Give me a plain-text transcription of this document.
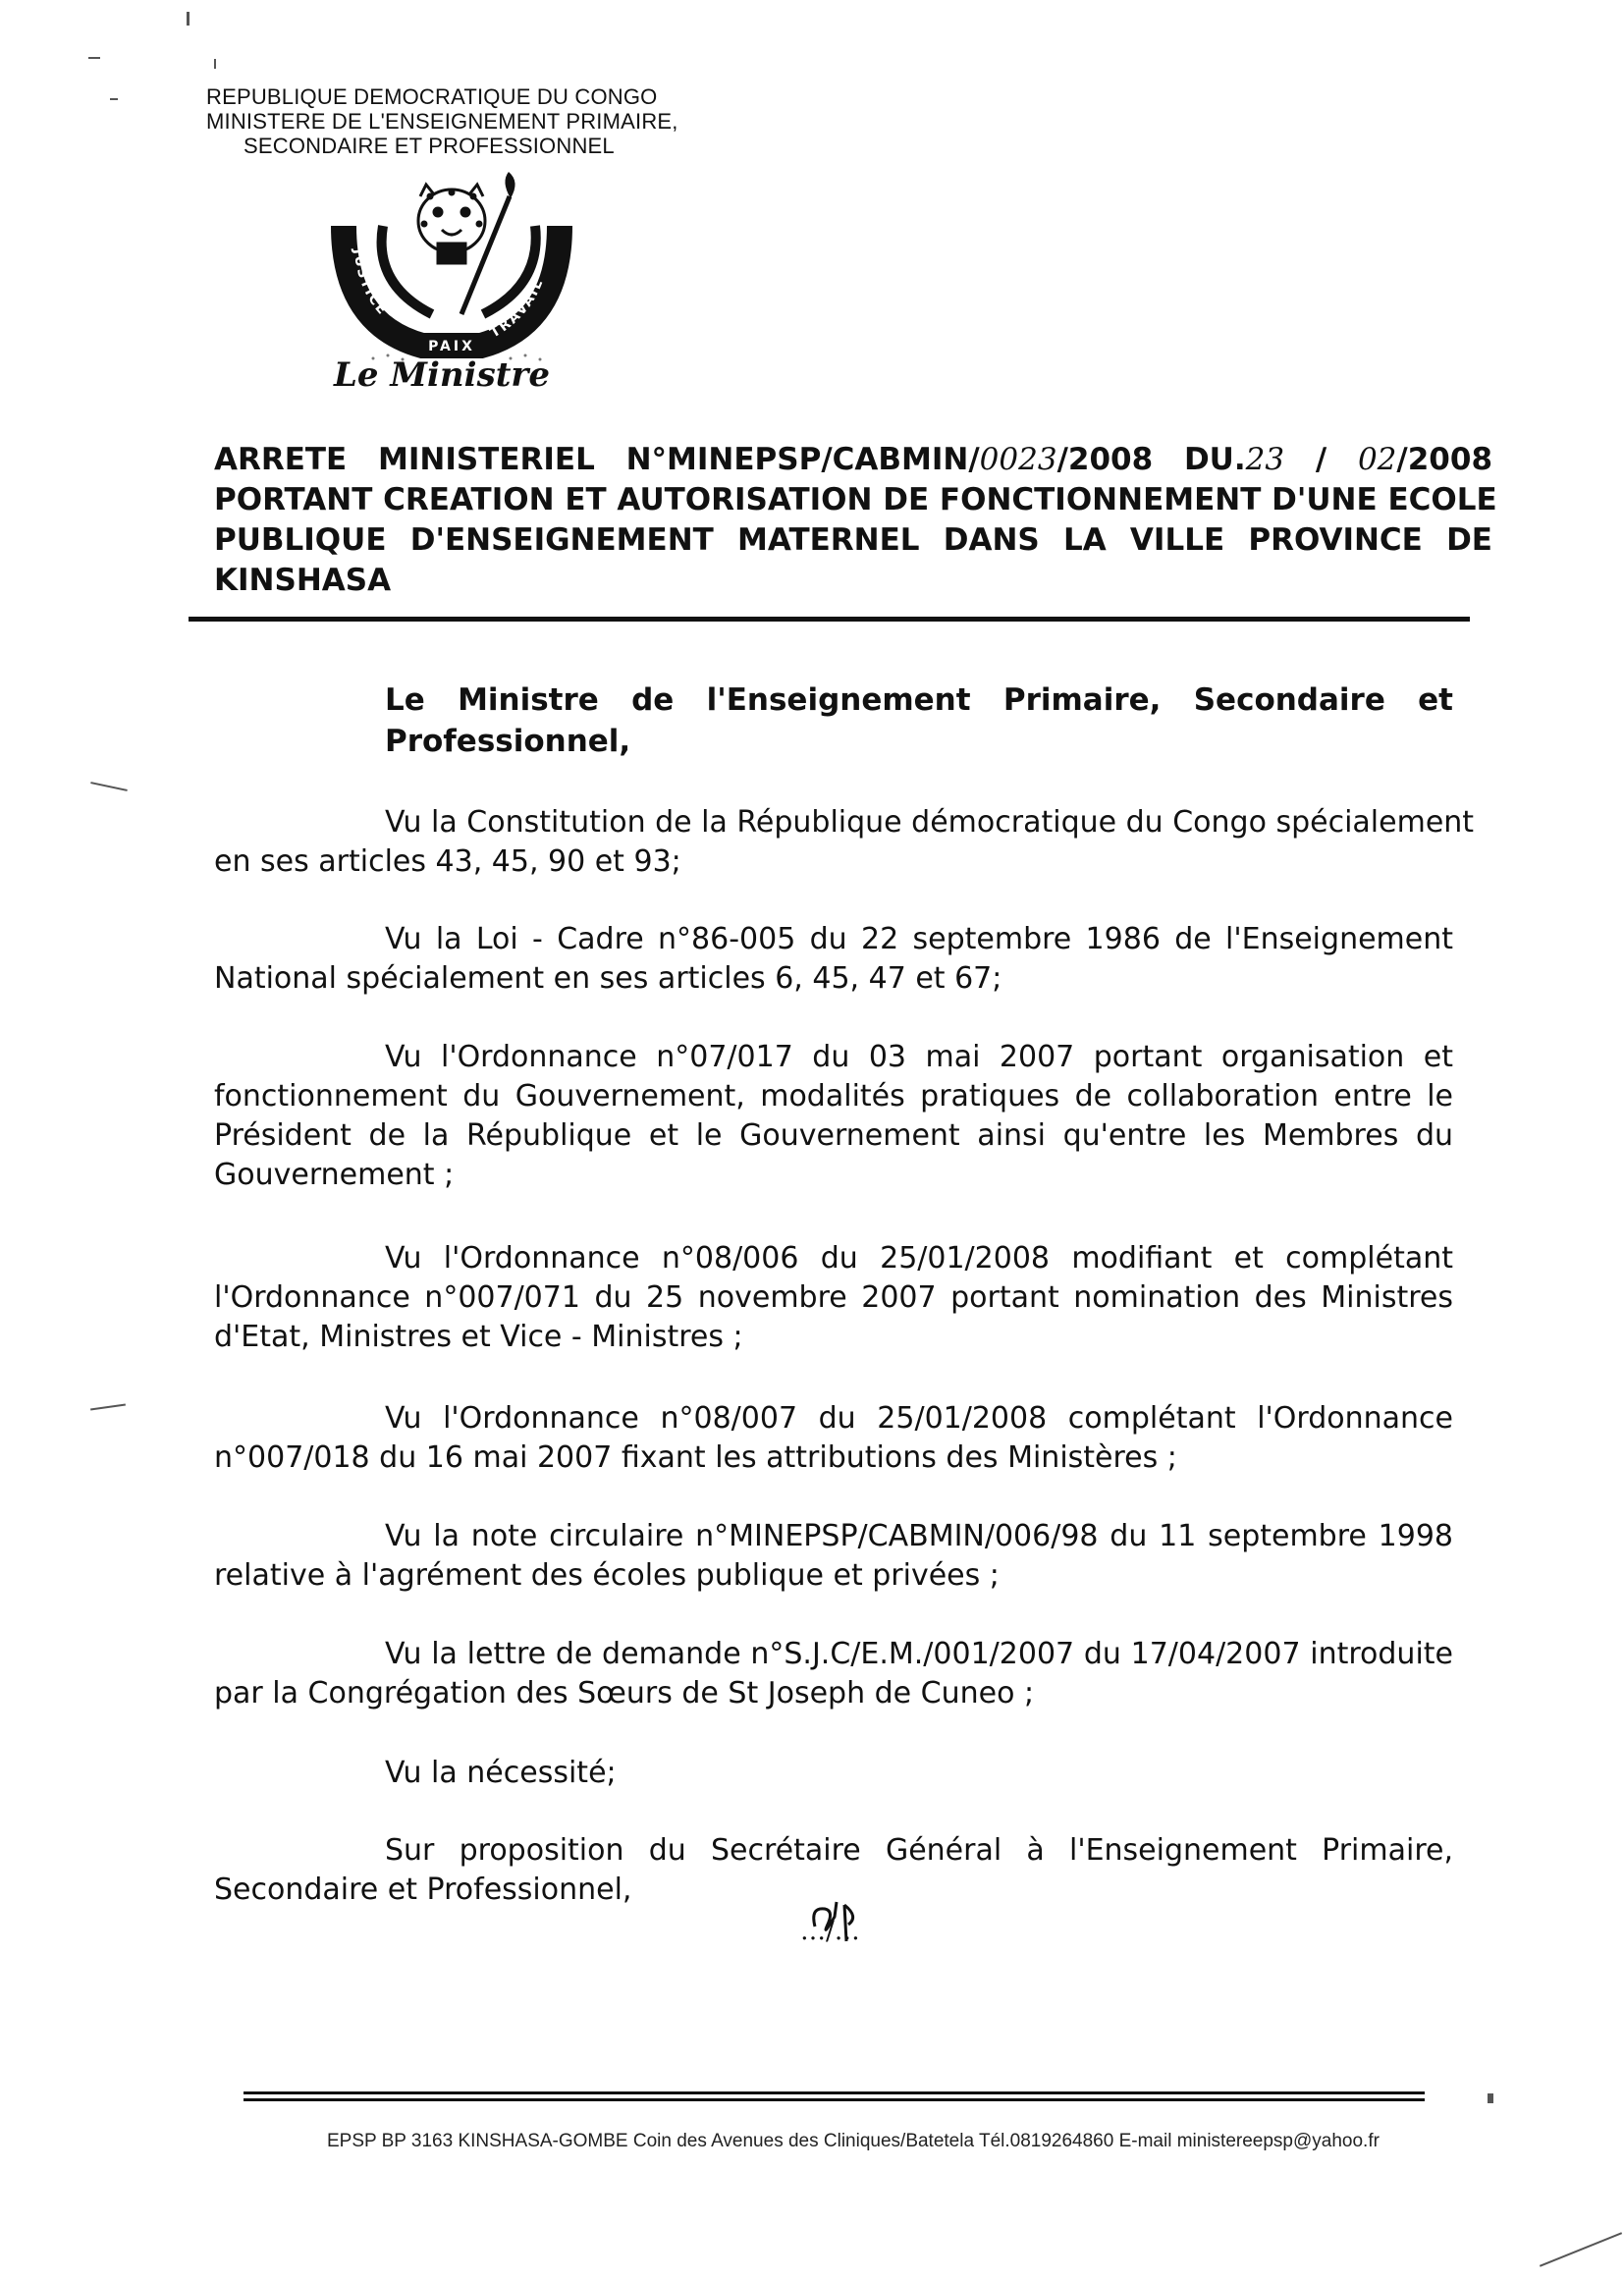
REPUBLIQUE DEMOCRATIQUE DU CONGO
MINISTERE DE L'ENSEIGNEMENT PRIMAIRE,
SECONDAIRE ET PROFESSIONNEL
JUSTICE
TRAVAIL
PAIX
Le Ministre
ARRETE MINISTERIEL N°MINEPSP/CABMIN/0023/2008 DU.23 / 02/2008
PORTANT CREATION ET AUTORISATION DE FONCTIONNEMENT D'UNE ECOLE
PUBLIQUE D'ENSEIGNEMENT MATERNEL DANS LA VILLE PROVINCE DE
KINSHASA
Le Ministre de l'Enseignement Primaire, Secondaire et
Professionnel,
Vu la Constitution de la République démocratique du Congo spécialement
en ses articles 43, 45, 90 et 93;
Vu la Loi - Cadre n°86-005 du 22 septembre 1986 de l'Enseignement
National spécialement en ses articles 6, 45, 47 et 67;
Vu l'Ordonnance n°07/017 du 03 mai 2007 portant organisation et
fonctionnement du Gouvernement, modalités pratiques de collaboration entre le
Président de la République et le Gouvernement ainsi qu'entre les Membres du
Gouvernement ;
Vu l'Ordonnance n°08/006 du 25/01/2008 modifiant et complétant
l'Ordonnance n°007/071 du 25 novembre 2007 portant nomination des Ministres
d'Etat, Ministres et Vice - Ministres ;
Vu l'Ordonnance n°08/007 du 25/01/2008 complétant l'Ordonnance
n°007/018 du 16 mai 2007 fixant les attributions des Ministères ;
Vu la note circulaire n°MINEPSP/CABMIN/006/98 du 11 septembre 1998
relative à l'agrément des écoles publique et privées ;
Vu la lettre de demande n°S.J.C/E.M./001/2007 du 17/04/2007 introduite
par la Congrégation des Sœurs de St Joseph de Cuneo ;
Vu la nécessité;
Sur proposition du Secrétaire Général à l'Enseignement Primaire,
Secondaire et Professionnel,
…/…
EPSP BP 3163 KINSHASA-GOMBE Coin des Avenues des Cliniques/Batetela Tél.0819264860 E-mail ministereepsp@yahoo.fr
